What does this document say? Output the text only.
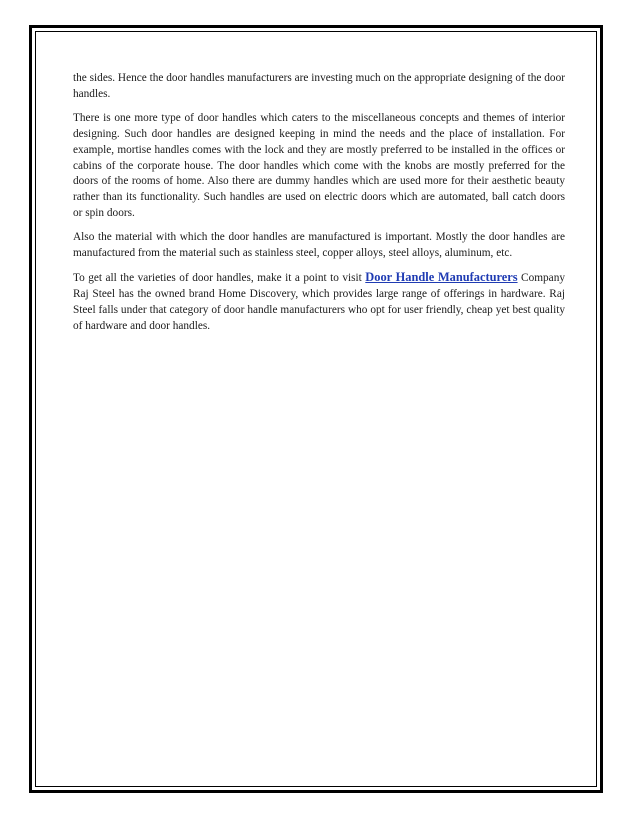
the sides. Hence the door handles manufacturers are investing much on the appropriate designing of the door handles.

There is one more type of door handles which caters to the miscellaneous concepts and themes of interior designing. Such door handles are designed keeping in mind the needs and the place of installation. For example, mortise handles comes with the lock and they are mostly preferred to be installed in the offices or cabins of the corporate house. The door handles which come with the knobs are mostly preferred for the doors of the rooms of home. Also there are dummy handles which are used more for their aesthetic beauty rather than its functionality. Such handles are used on electric doors which are automated, ball catch doors or spin doors.

Also the material with which the door handles are manufactured is important. Mostly the door handles are manufactured from the material such as stainless steel, copper alloys, steel alloys, aluminum, etc.

To get all the varieties of door handles, make it a point to visit Door Handle Manufacturers Company Raj Steel has the owned brand Home Discovery, which provides large range of offerings in hardware. Raj Steel falls under that category of door handle manufacturers who opt for user friendly, cheap yet best quality of hardware and door handles.
